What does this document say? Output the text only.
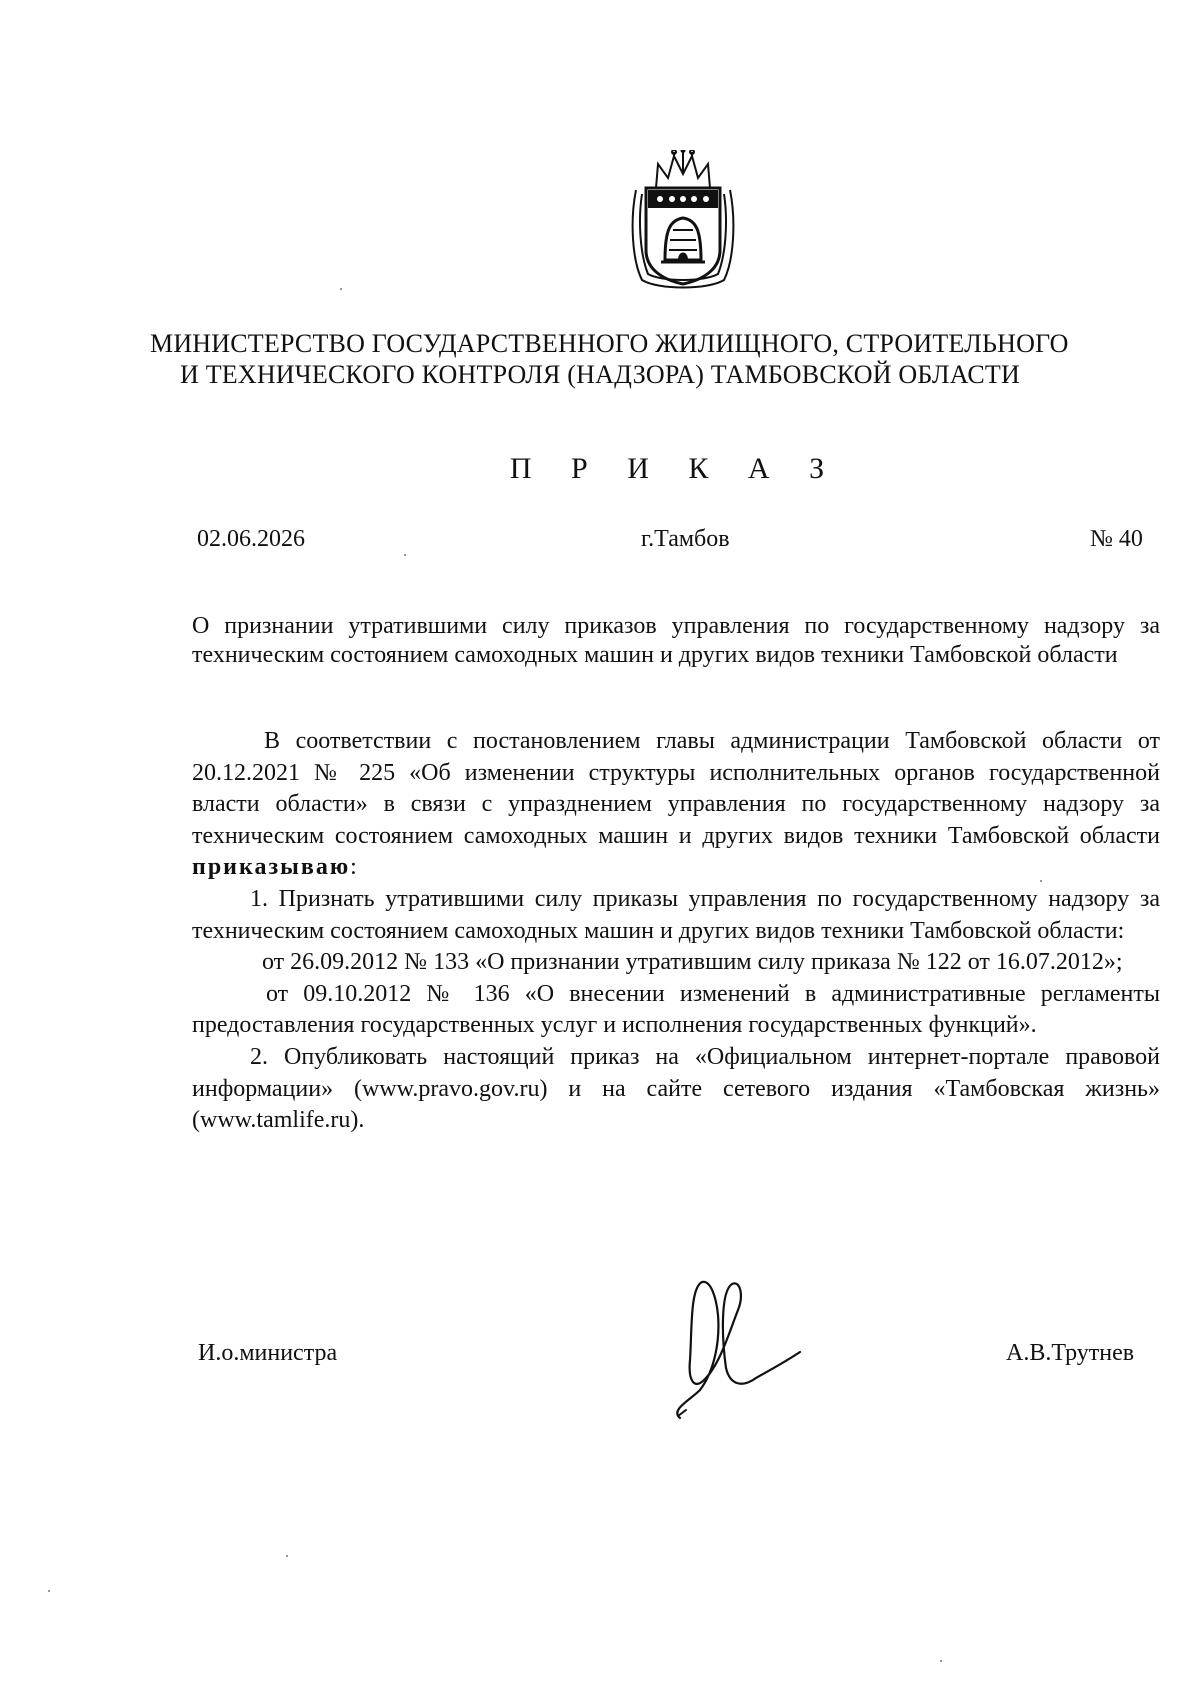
МИНИСТЕРСТВО ГОСУДАРСТВЕННОГО ЖИЛИЩНОГО, СТРОИТЕЛЬНОГО
И ТЕХНИЧЕСКОГО КОНТРОЛЯ (НАДЗОРА) ТАМБОВСКОЙ ОБЛАСТИ
П Р И К А З
02.06.2026	г.Тамбов	№ 40

О признании утратившими силу приказов управления по государственному надзору за техническим состоянием самоходных машин и других видов техники Тамбовской области

В соответствии с постановлением главы администрации Тамбовской области от 20.12.2021 № 225 «Об изменении структуры исполнительных органов государственной власти области» в связи с упразднением управления по государственному надзору за техническим состоянием самоходных машин и других видов техники Тамбовской области приказываю:

1. Признать утратившими силу приказы управления по государственному надзору за техническим состоянием самоходных машин и других видов техники Тамбовской области:

от 26.09.2012 № 133 «О признании утратившим силу приказа № 122 от 16.07.2012»;

от 09.10.2012 № 136 «О внесении изменений в административные регламенты предоставления государственных услуг и исполнения государственных функций».

2. Опубликовать настоящий приказ на «Официальном интернет-портале правовой информации» (www.pravo.gov.ru) и на сайте сетевого издания «Тамбовская жизнь» (www.tamlife.ru).

И.о.министра	А.В.Трутнев
